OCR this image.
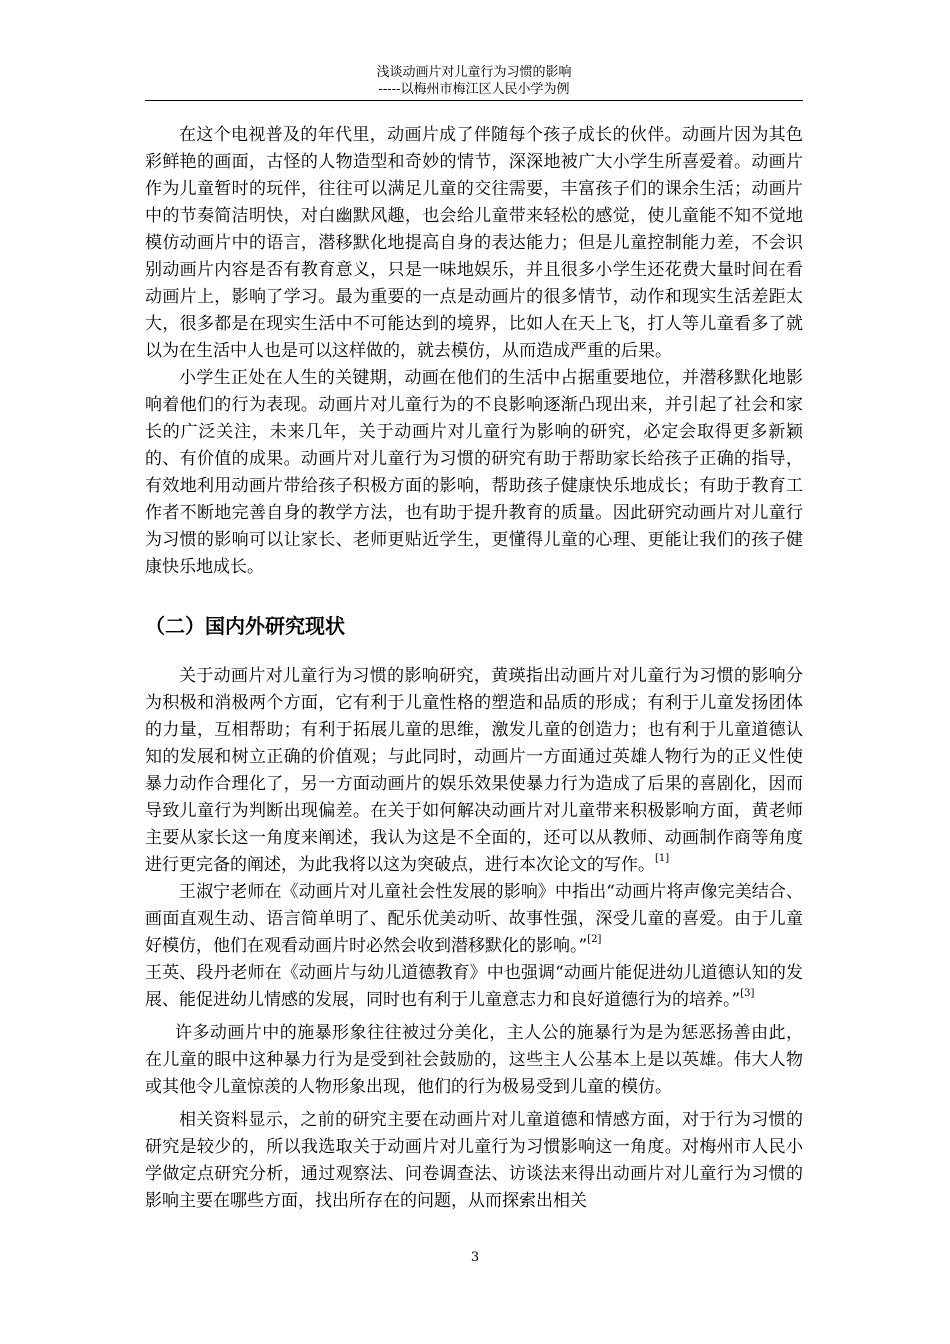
浅谈动画片对儿童行为习惯的影响
-----以梅州市梅江区人民小学为例

在这个电视普及的年代里，动画片成了伴随每个孩子成长的伙伴。动画片因为其色彩鲜艳的画面，古怪的人物造型和奇妙的情节，深深地被广大小学生所喜爱着。动画片作为儿童暂时的玩伴，往往可以满足儿童的交往需要，丰富孩子们的课余生活；动画片中的节奏简洁明快，对白幽默风趣，也会给儿童带来轻松的感觉，使儿童能不知不觉地模仿动画片中的语言，潜移默化地提高自身的表达能力；但是儿童控制能力差，不会识别动画片内容是否有教育意义，只是一味地娱乐，并且很多小学生还花费大量时间在看动画片上，影响了学习。最为重要的一点是动画片的很多情节，动作和现实生活差距太大，很多都是在现实生活中不可能达到的境界，比如人在天上飞，打人等儿童看多了就以为在生活中人也是可以这样做的，就去模仿，从而造成严重的后果。

小学生正处在人生的关键期，动画在他们的生活中占据重要地位，并潜移默化地影响着他们的行为表现。动画片对儿童行为的不良影响逐渐凸现出来，并引起了社会和家长的广泛关注，未来几年，关于动画片对儿童行为影响的研究，必定会取得更多新颖的、有价值的成果。动画片对儿童行为习惯的研究有助于帮助家长给孩子正确的指导，有效地利用动画片带给孩子积极方面的影响，帮助孩子健康快乐地成长；有助于教育工作者不断地完善自身的教学方法，也有助于提升教育的质量。因此研究动画片对儿童行为习惯的影响可以让家长、老师更贴近学生，更懂得儿童的心理、更能让我们的孩子健康快乐地成长。

（二）国内外研究现状

关于动画片对儿童行为习惯的影响研究，黄瑛指出动画片对儿童行为习惯的影响分为积极和消极两个方面，它有利于儿童性格的塑造和品质的形成；有利于儿童发扬团体的力量，互相帮助；有利于拓展儿童的思维，激发儿童的创造力；也有利于儿童道德认知的发展和树立正确的价值观；与此同时，动画片一方面通过英雄人物行为的正义性使暴力动作合理化了，另一方面动画片的娱乐效果使暴力行为造成了后果的喜剧化，因而导致儿童行为判断出现偏差。在关于如何解决动画片对儿童带来积极影响方面，黄老师主要从家长这一角度来阐述，我认为这是不全面的，还可以从教师、动画制作商等角度进行更完备的阐述，为此我将以这为突破点，进行本次论文的写作。[1]

王淑宁老师在《动画片对儿童社会性发展的影响》中指出“动画片将声像完美结合、画面直观生动、语言简单明了、配乐优美动听、故事性强，深受儿童的喜爱。由于儿童好模仿，他们在观看动画片时必然会收到潜移默化的影响。”[2]

王英、段丹老师在《动画片与幼儿道德教育》中也强调“动画片能促进幼儿道德认知的发展、能促进幼儿情感的发展，同时也有利于儿童意志力和良好道德行为的培养。”[3]

许多动画片中的施暴形象往往被过分美化，主人公的施暴行为是为惩恶扬善由此，在儿童的眼中这种暴力行为是受到社会鼓励的，这些主人公基本上是以英雄。伟大人物或其他令儿童惊羡的人物形象出现，他们的行为极易受到儿童的模仿。

相关资料显示，之前的研究主要在动画片对儿童道德和情感方面，对于行为习惯的研究是较少的，所以我选取关于动画片对儿童行为习惯影响这一角度。对梅州市人民小学做定点研究分析，通过观察法、问卷调查法、访谈法来得出动画片对儿童行为习惯的影响主要在哪些方面，找出所存在的问题，从而探索出相关

3
